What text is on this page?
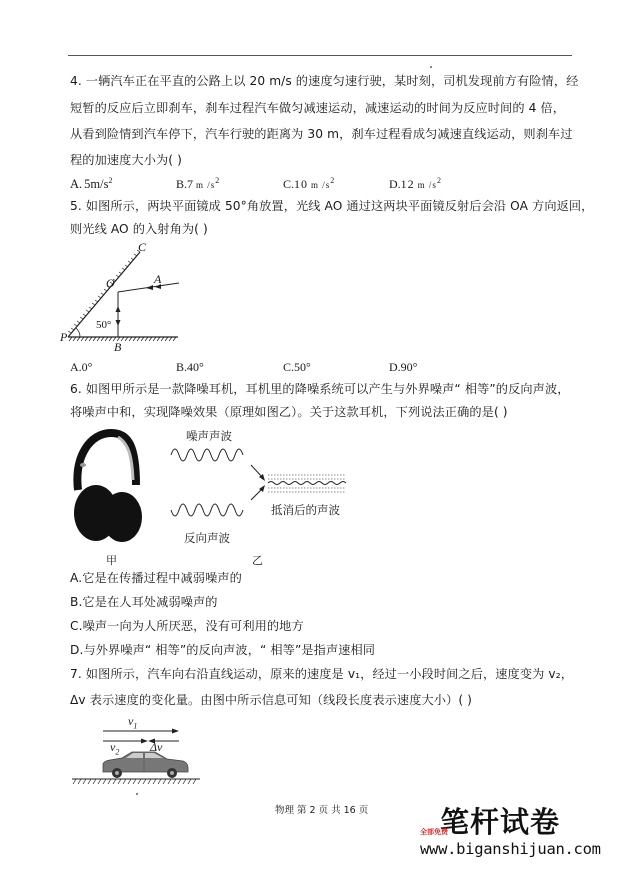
4. 一辆汽车正在平直的公路上以 20 m/s 的速度匀速行驶，某时刻，司机发现前方有险情，经
短暂的反应后立即刹车，刹车过程汽车做匀减速运动，减速运动的时间为反应时间的 4 倍，
从看到险情到汽车停下，汽车行驶的距离为 30 m，刹车过程看成匀减速直线运动，则刹车过
程的加速度大小为( )
A. $5m/s^2$	B.7 m $/s^2$	C.10 m $/s^2$	D.12 m $/s^2$
5. 如图所示，两块平面镜成 50°角放置，光线 AO 通过这两块平面镜反射后会沿 OA 方向返回，
则光线 AO 的入射角为( )
C
O	A
P
B
50°
A.0°	B.40°	C.50°	D.90°
6. 如图甲所示是一款降噪耳机，耳机里的降噪系统可以产生与外界噪声“ 相等”的反向声波，
将噪声中和，实现降噪效果（原理如图乙）。关于这款耳机，下列说法正确的是( )
噪声声波
反向声波
抵消后的声波
甲	乙
A.它是在传播过程中减弱噪声的
B.它是在人耳处减弱噪声的
C.噪声一向为人所厌恶，没有可利用的地方
D.与外界噪声“ 相等”的反向声波，“ 相等”是指声速相同
7. 如图所示，汽车向右沿直线运动，原来的速度是 v₁，经过一小段时间之后，速度变为 v₂，
Δv 表示速度的变化量。由图中所示信息可知（线段长度表示速度大小）( )
$v_1$
$v_2$	Δv
物理 第 2 页 共 16 页 笔杆试卷
全部免费
www.biganshijuan.com
